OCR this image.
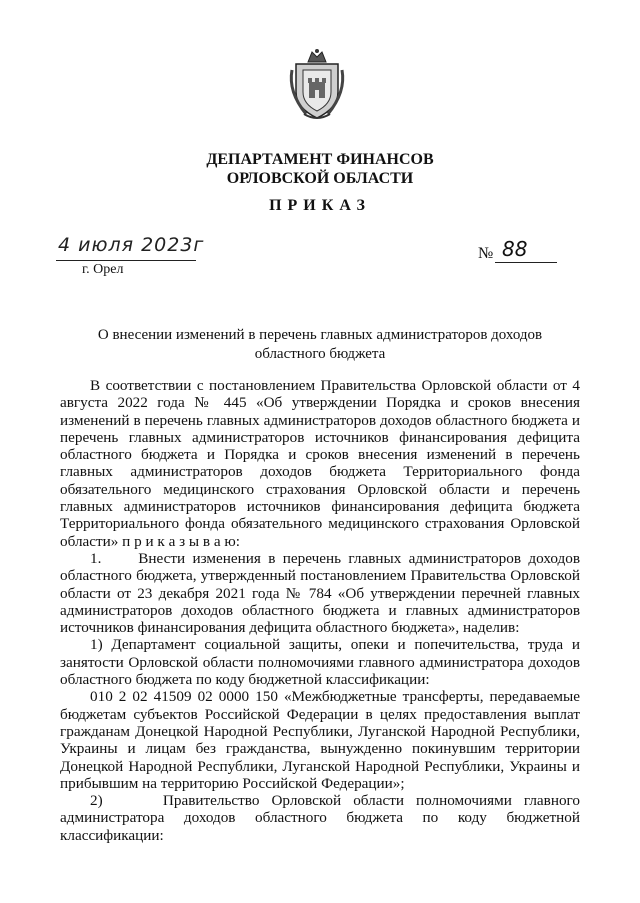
ДЕПАРТАМЕНТ ФИНАНСОВ
ОРЛОВСКОЙ ОБЛАСТИ
ПРИКАЗ
4 июля 2023г
г. Орел
№ 88
О внесении изменений в перечень главных администраторов доходов
областного бюджета

В соответствии с постановлением Правительства Орловской области от 4 августа 2022 года № 445 «Об утверждении Порядка и сроков внесения изменений в перечень главных администраторов доходов областного бюджета и перечень главных администраторов источников финансирования дефицита областного бюджета и Порядка и сроков внесения изменений в перечень главных администраторов доходов бюджета Территориального фонда обязательного медицинского страхования Орловской области и перечень главных администраторов источников финансирования дефицита бюджета Территориального фонда обязательного медицинского страхования Орловской области» п р и к а з ы в а ю:

1.     Внести изменения в перечень главных администраторов доходов областного бюджета, утвержденный постановлением Правительства Орловской области от 23 декабря 2021 года № 784 «Об утверждении перечней главных администраторов доходов областного бюджета и главных администраторов источников финансирования дефицита областного бюджета», наделив:

1) Департамент социальной защиты, опеки и попечительства, труда и занятости Орловской области полномочиями главного администратора доходов областного бюджета по коду бюджетной классификации:

010 2 02 41509 02 0000 150 «Межбюджетные трансферты, передаваемые бюджетам субъектов Российской Федерации в целях предоставления выплат гражданам Донецкой Народной Республики, Луганской Народной Республики, Украины и лицам без гражданства, вынужденно покинувшим территории Донецкой Народной Республики, Луганской Народной Республики, Украины и прибывшим на территорию Российской Федерации»;

2)     Правительство Орловской области полномочиями главного администратора доходов областного бюджета по коду бюджетной классификации:
